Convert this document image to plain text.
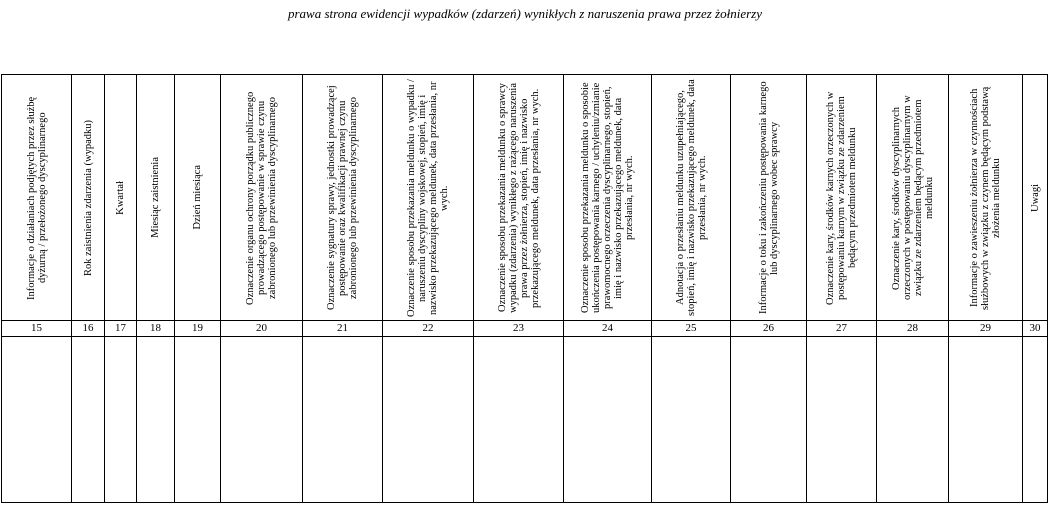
prawa strona ewidencji wypadków (zdarzeń) wynikłych z naruszenia prawa przez żołnierzy
Informacje o działaniach podjętych przez służbę dyżurną / przełożonego dyscyplinarnego	Rok zaistnienia zdarzenia (wypadku)	Kwartał	Miesiąc zaistnienia	Dzień miesiąca	Oznaczenie organu ochrony porządku publicznego prowadzącego postępowanie w sprawie czynu zabronionego lub przewinienia dyscyplinarnego	Oznaczenie sygnatury sprawy, jednostki prowadzącej postępowanie oraz kwalifikacji prawnej czynu zabronionego lub przewinienia dyscyplinarnego	Oznaczenie sposobu przekazania meldunku o wypadku / naruszeniu dyscypliny wojskowej, stopień, imię i nazwisko przekazującego meldunek, data przesłania, nr wych.	Oznaczenie sposobu przekazania meldunku o sprawcy wypadku (zdarzenia) wynikłego z rażącego naruszenia prawa przez żołnierza, stopień, imię i nazwisko przekazującego meldunek, data przesłania, nr wych.	Oznaczenie sposobu przekazania meldunku o sposobie ukończenia postępowania karnego / uchyleniu/zmianie prawomocnego orzeczenia dyscyplinarnego, stopień, imię i nazwisko przekazującego meldunek, data przesłania, nr wych.	Adnotacja o przesłaniu meldunku uzupełniającego, stopień, imię i nazwisko przekazującego meldunek, data przesłania, nr wych.	Informacje o toku i zakończeniu postępowania karnego lub dyscyplinarnego wobec sprawcy	Oznaczenie kary, środków karnych orzeczonych w postępowaniu karnym w związku ze zdarzeniem będącym przedmiotem meldunku	Oznaczenie kary, środków dyscyplinarnych orzeczonych w postępowaniu dyscyplinarnym w związku ze zdarzeniem będącym przedmiotem meldunku	Informacje o zawieszeniu żołnierza w czynnościach służbowych w związku z czynem będącym podstawą złożenia meldunku	Uwagi

15	16	17	18	19	20	21	22	23	24	25	26	27	28	29	30
